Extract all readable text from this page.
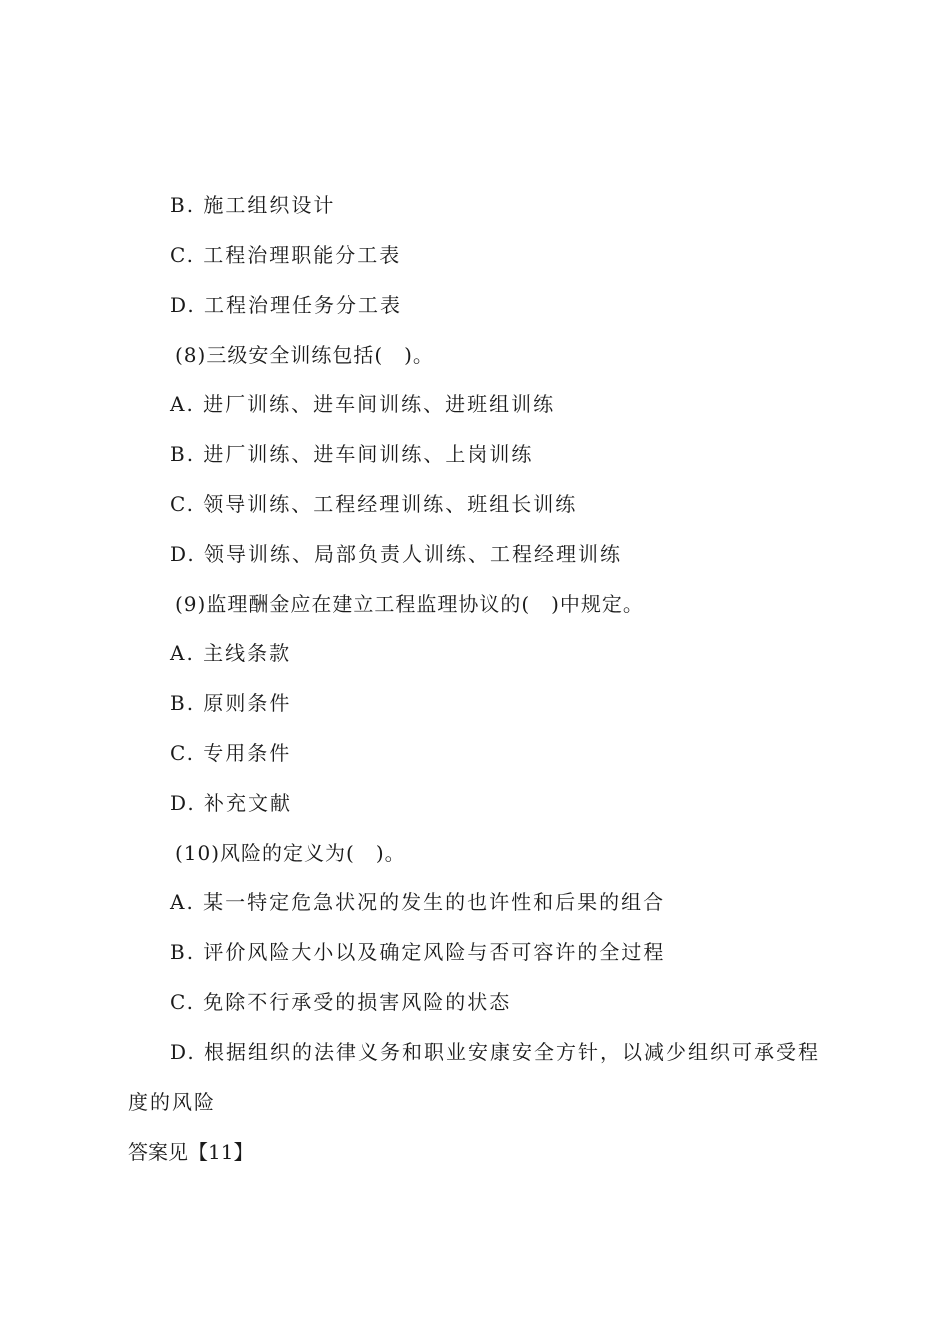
B. 施工组织设计
C. 工程治理职能分工表
D. 工程治理任务分工表
(8)三级安全训练包括(　)。
A. 进厂训练、进车间训练、进班组训练
B. 进厂训练、进车间训练、上岗训练
C. 领导训练、工程经理训练、班组长训练
D. 领导训练、局部负责人训练、工程经理训练
(9)监理酬金应在建立工程监理协议的(　)中规定。
A. 主线条款
B. 原则条件
C. 专用条件
D. 补充文献
(10)风险的定义为(　)。
A. 某一特定危急状况的发生的也许性和后果的组合
B. 评价风险大小以及确定风险与否可容许的全过程
C. 免除不行承受的损害风险的状态
D. 根据组织的法律义务和职业安康安全方针，以减少组织可承受程
度的风险
答案见【11】
